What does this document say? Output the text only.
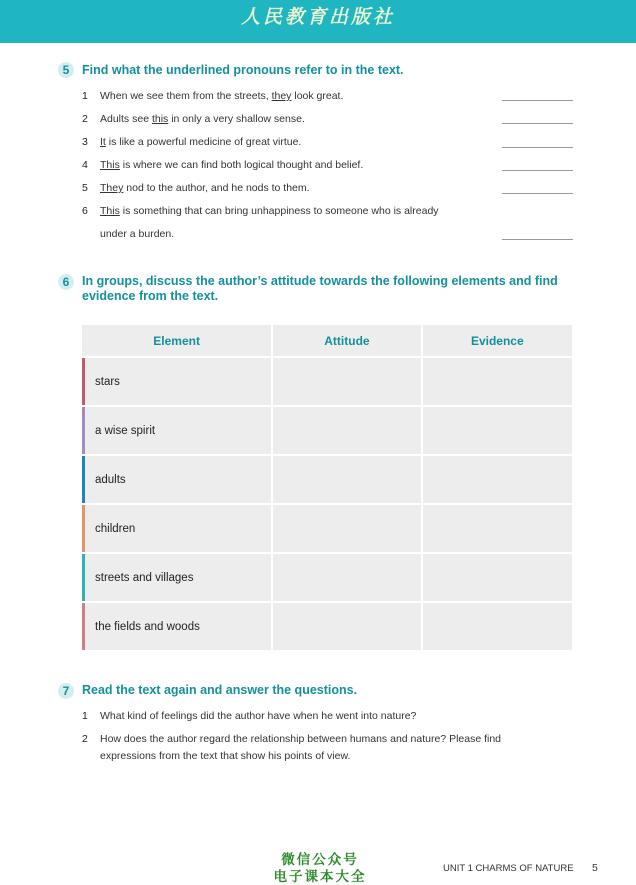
人民教育出版社
5	Find what the underlined pronouns refer to in the text.
1 When we see them from the streets, they look great.
2 Adults see this in only a very shallow sense.
3 It is like a powerful medicine of great virtue.
4 This is where we can find both logical thought and belief.
5 They nod to the author, and he nods to them.
6 This is something that can bring unhappiness to someone who is already
under a burden.
6	In groups, discuss the author’s attitude towards the following elements and find
evidence from the text.
Element	Attitude	Evidence
stars
a wise spirit
adults
children
streets and villages
the fields and woods
7	Read the text again and answer the questions.
1 What kind of feelings did the author have when he went into nature?
2 How does the author regard the relationship between humans and nature? Please find
expressions from the text that show his points of view.
微信公众号
电子课本大全
UNIT 1 CHARMS OF NATURE 5
